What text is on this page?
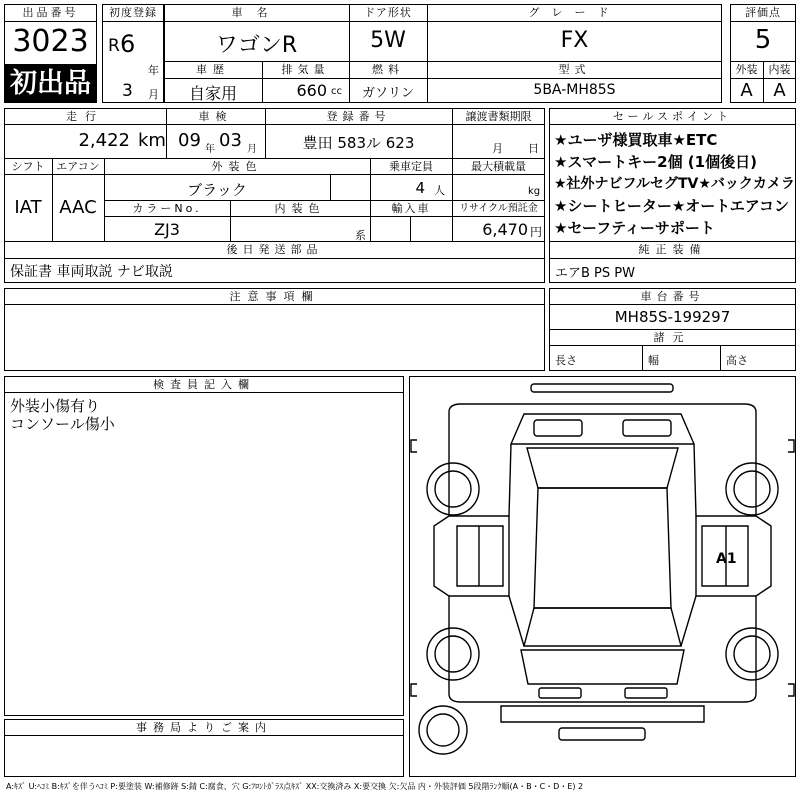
出品番号
3023
初出品
初度登録
R 6
年
3 月
車名
ワゴンR
ドア形状
5W
グレード
FX
車歴
自家用
排気量
660 cc
燃料
ガソリン
型式
5BA-MH85S
評価点
5
外装	内装
A	A
走行
2,422 km
車検
09 年 03 月
登録番号
豊田 583ル 623
譲渡書類期限
月 日
シフト
IAT
エアコン
AAC
外装色
ブラック
乗車定員
4 人
最大積載量
kg
カラーNo.
ZJ3
内装色
系
輸入車	リサイクル預託金
6,470 円
後日発送部品
保証書 車両取説 ナビ取説
セールスポイント
★ユーザ様買取車★ETC
★スマートキー2個 (1個後日)
★社外ナビフルセグTV★バックカメラ
★シートヒーター★オートエアコン
★セーフティーサポート
純正装備
エアB PS PW
注意事項欄	車台番号
MH85S-199297
諸元
長さ	幅	高さ
検査員記入欄
外装小傷有り
コンソール傷小
事務局よりご案内
A1
A:ｷｽﾞ U:ﾍｺﾐ B:ｷｽﾞを伴うﾍｺﾐ P:要塗装 W:補修跡 S:錆 C:腐食、穴 G:ﾌﾛﾝﾄｶﾞﾗｽ点ｷｽﾞ XX:交換済み X:要交換 欠:欠品 内・外装評価 5段階ﾗﾝｸ順(A・B・C・D・E) 2
